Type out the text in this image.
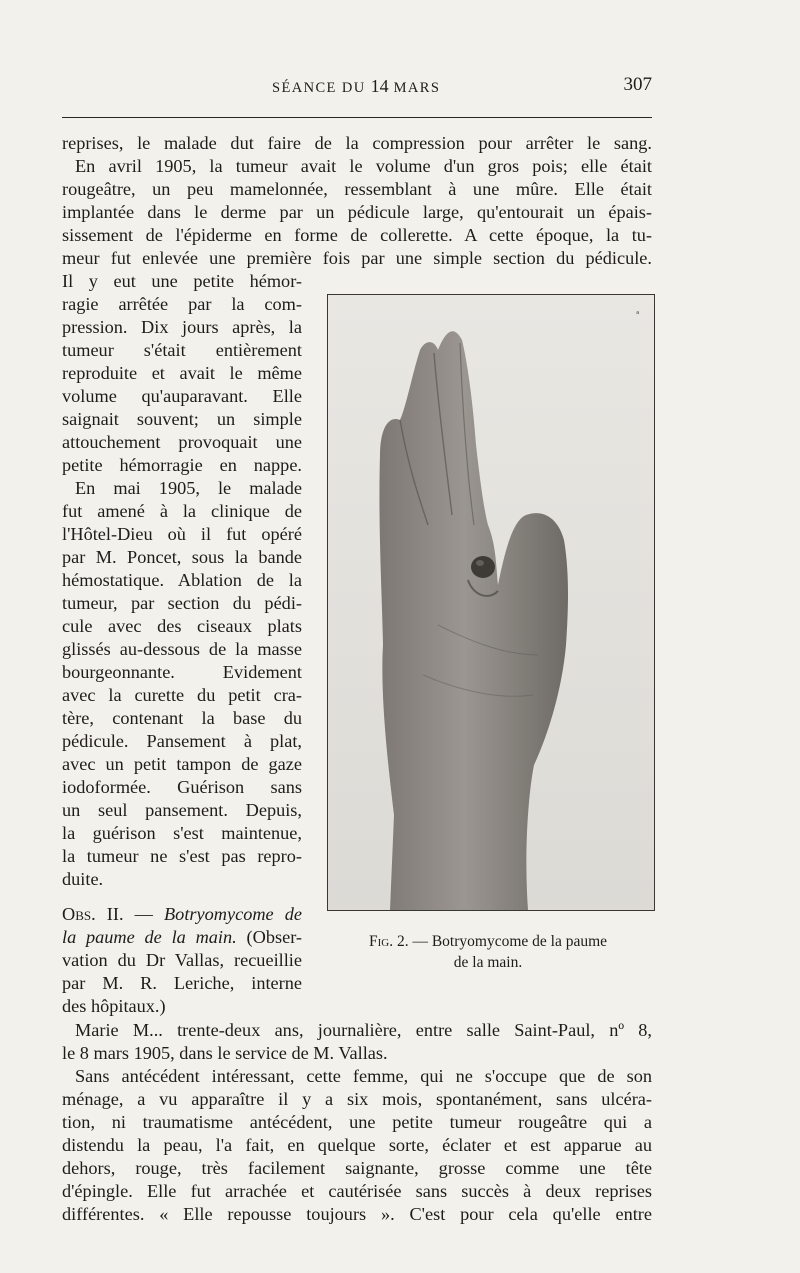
SÉANCE DU 14 MARS	307
reprises, le malade dut faire de la compression pour arrêter le sang.
En avril 1905, la tumeur avait le volume d'un gros pois; elle était
rougeâtre, un peu mamelonnée, ressemblant à une mûre. Elle était
implantée dans le derme par un pédicule large, qu'entourait un épais-
sissement de l'épiderme en forme de collerette. A cette époque, la tu-
meur fut enlevée une première fois par une simple section du pédicule.
Il y eut une petite hémor-
ragie arrêtée par la com-
pression. Dix jours après, la
tumeur s'était entièrement
reproduite et avait le même
volume qu'auparavant. Elle
saignait souvent; un simple
attouchement provoquait une
petite hémorragie en nappe.
En mai 1905, le malade
fut amené à la clinique de
l'Hôtel-Dieu où il fut opéré
par M. Poncet, sous la bande
hémostatique. Ablation de la
tumeur, par section du pédi-
cule avec des ciseaux plats
glissés au-dessous de la masse
bourgeonnante. Evidement
avec la curette du petit cra-
tère, contenant la base du
pédicule. Pansement à plat,
avec un petit tampon de gaze
iodoformée. Guérison sans
un seul pansement. Depuis,
la guérison s'est maintenue,
la tumeur ne s'est pas repro-
duite.
Obs. II. — Botryomycome de
la paume de la main. (Obser-
vation du Dr Vallas, recueillie
par M. R. Leriche, interne
des hôpitaux.)
ᵃ
Fig. 2. — Botryomycome de la paume
de la main.
Marie M... trente-deux ans, journalière, entre salle Saint-Paul, nº 8,
le 8 mars 1905, dans le service de M. Vallas.
Sans antécédent intéressant, cette femme, qui ne s'occupe que de son
ménage, a vu apparaître il y a six mois, spontanément, sans ulcéra-
tion, ni traumatisme antécédent, une petite tumeur rougeâtre qui a
distendu la peau, l'a fait, en quelque sorte, éclater et est apparue au
dehors, rouge, très facilement saignante, grosse comme une tête
d'épingle. Elle fut arrachée et cautérisée sans succès à deux reprises
différentes. « Elle repousse toujours ». C'est pour cela qu'elle entre
